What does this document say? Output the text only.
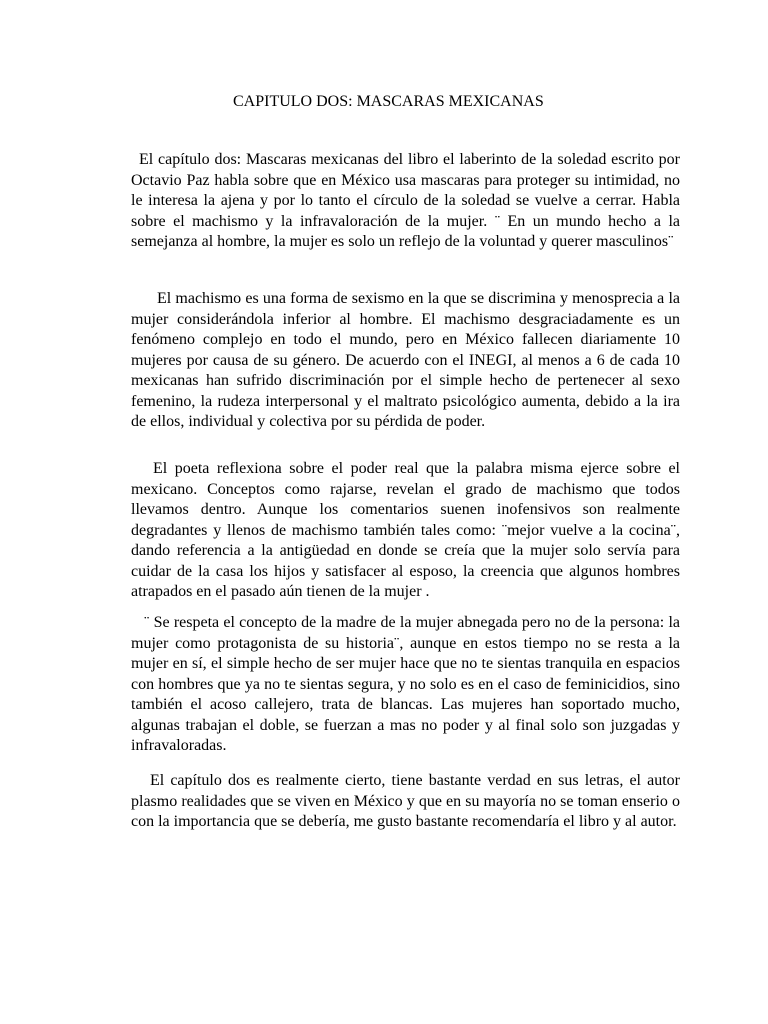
CAPITULO DOS: MASCARAS MEXICANAS

El capítulo dos: Mascaras mexicanas del libro el laberinto de la soledad escrito por Octavio Paz habla sobre que en México usa mascaras para proteger su intimidad, no le interesa la ajena y por lo tanto el círculo de la soledad se vuelve a cerrar. Habla sobre el machismo y la infravaloración de la mujer. ¨ En un mundo hecho a la semejanza al hombre, la mujer es solo un reflejo de la voluntad y querer masculinos¨

El machismo es una forma de sexismo en la que se discrimina y menosprecia a la mujer considerándola inferior al hombre. El machismo desgraciadamente es un fenómeno complejo en todo el mundo, pero en México fallecen diariamente 10 mujeres por causa de su género. De acuerdo con el INEGI, al menos a 6 de cada 10 mexicanas han sufrido discriminación por el simple hecho de pertenecer al sexo femenino, la rudeza interpersonal y el maltrato psicológico aumenta, debido a la ira de ellos, individual y colectiva por su pérdida de poder.

El poeta reflexiona sobre el poder real que la palabra misma ejerce sobre el mexicano. Conceptos como rajarse, revelan el grado de machismo que todos llevamos dentro. Aunque los comentarios suenen inofensivos son realmente degradantes y llenos de machismo también tales como: ¨mejor vuelve a la cocina¨, dando referencia a la antigüedad en donde se creía que la mujer solo servía para cuidar de la casa los hijos y satisfacer al esposo, la creencia que algunos hombres atrapados en el pasado aún tienen de la mujer .

¨ Se respeta el concepto de la madre de la mujer abnegada pero no de la persona: la mujer como protagonista de su historia¨, aunque en estos tiempo no se resta a la mujer en sí, el simple hecho de ser mujer hace que no te sientas tranquila en espacios con hombres que ya no te sientas segura, y no solo es en el caso de feminicidios, sino también el acoso callejero, trata de blancas. Las mujeres han soportado mucho, algunas trabajan el doble, se fuerzan a mas no poder y al final solo son juzgadas y infravaloradas.

El capítulo dos es realmente cierto, tiene bastante verdad en sus letras, el autor plasmo realidades que se viven en México y que en su mayoría no se toman enserio o con la importancia que se debería, me gusto bastante recomendaría el libro y al autor.
